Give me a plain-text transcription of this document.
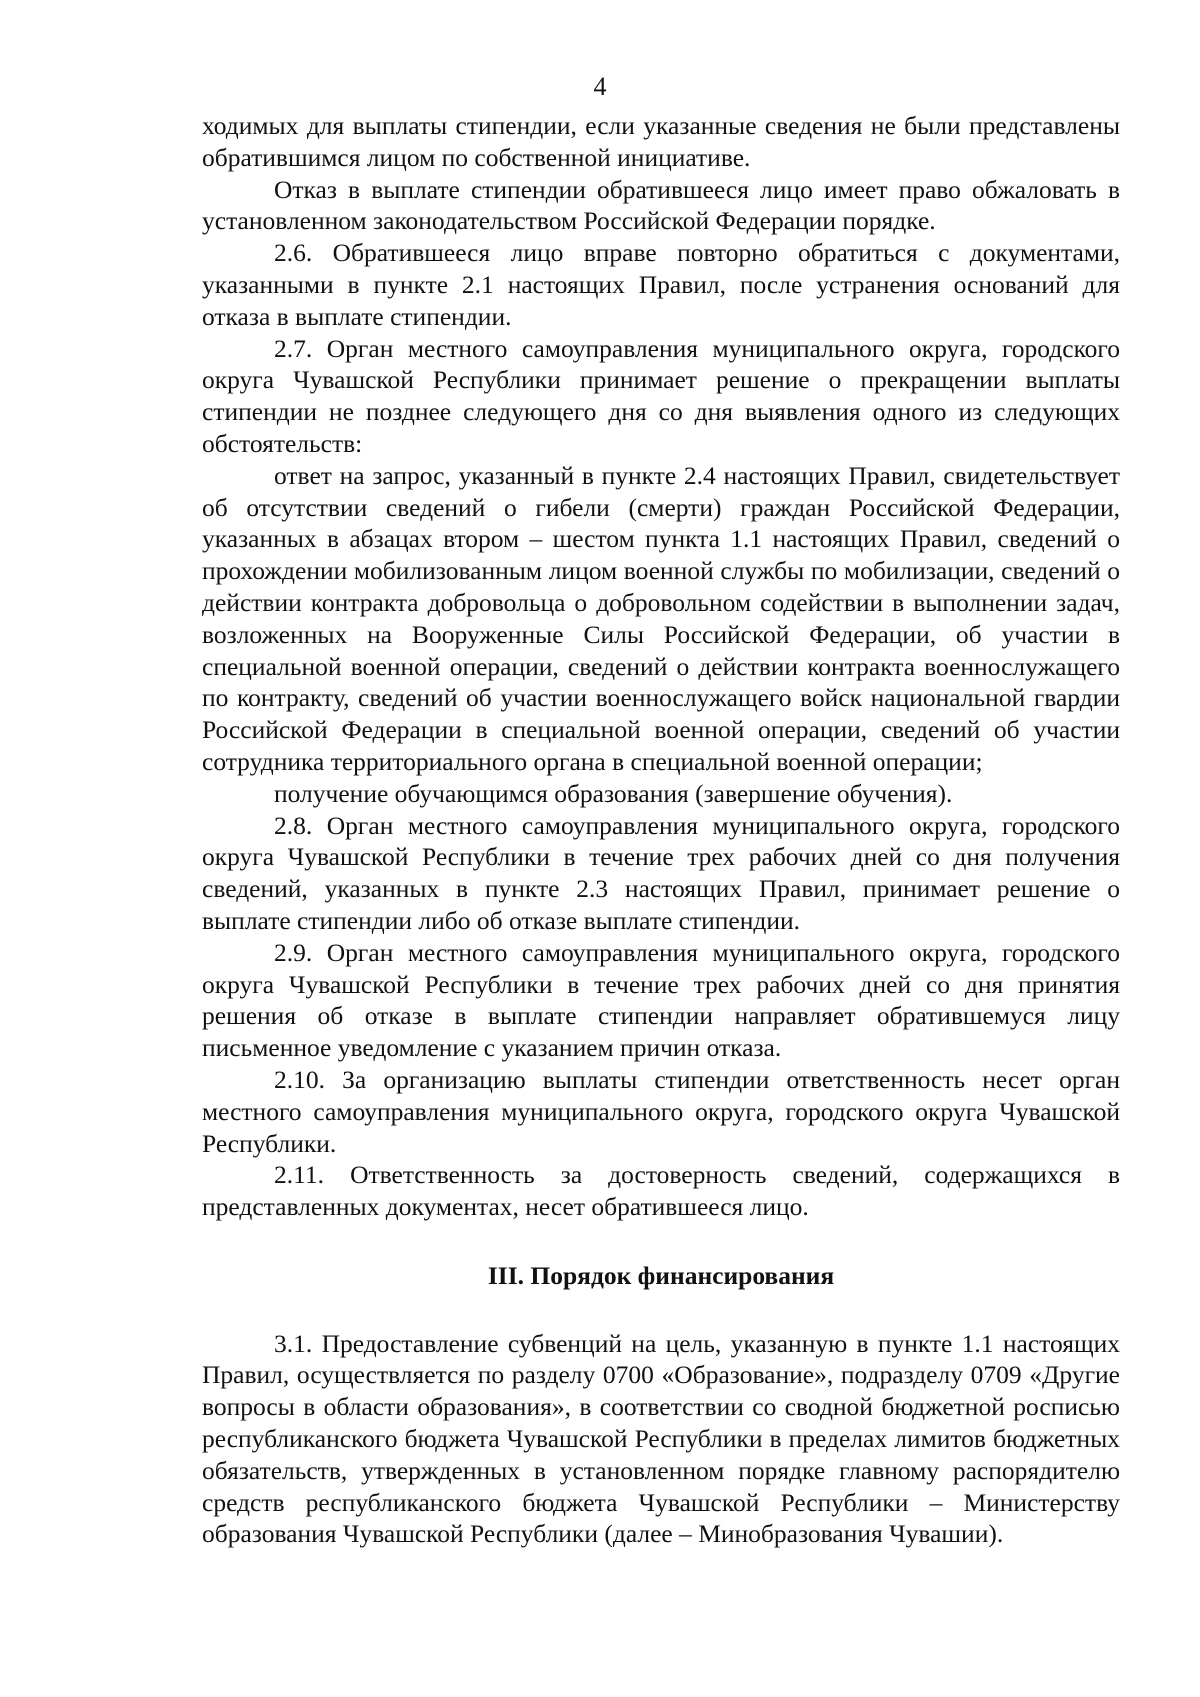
4

ходимых для выплаты стипендии, если указанные сведения не были представлены обратившимся лицом по собственной инициативе.

Отказ в выплате стипендии обратившееся лицо имеет право обжаловать в установленном законодательством Российской Федерации порядке.

2.6. Обратившееся лицо вправе повторно обратиться с документами, указанными в пункте 2.1 настоящих Правил, после устранения оснований для отказа в выплате стипендии.

2.7. Орган местного самоуправления муниципального округа, городского округа Чувашской Республики принимает решение о прекращении выплаты стипендии не позднее следующего дня со дня выявления одного из следующих обстоятельств:

ответ на запрос, указанный в пункте 2.4 настоящих Правил, свидетельствует об отсутствии сведений о гибели (смерти) граждан Российской Федерации, указанных в абзацах втором – шестом пункта 1.1 настоящих Правил, сведений о прохождении мобилизованным лицом военной службы по мобилизации, сведений о действии контракта добровольца о добровольном содействии в выполнении задач, возложенных на Вооруженные Силы Российской Федерации, об участии в специальной военной операции, сведений о действии контракта военнослужащего по контракту, сведений об участии военнослужащего войск национальной гвардии Российской Федерации в специальной военной операции, сведений об участии сотрудника территориального органа в специальной военной операции;

получение обучающимся образования (завершение обучения).

2.8. Орган местного самоуправления муниципального округа, городского округа Чувашской Республики в течение трех рабочих дней со дня получения сведений, указанных в пункте 2.3 настоящих Правил, принимает решение о выплате стипендии либо об отказе выплате стипендии.

2.9. Орган местного самоуправления муниципального округа, городского округа Чувашской Республики в течение трех рабочих дней со дня принятия решения об отказе в выплате стипендии направляет обратившемуся лицу письменное уведомление с указанием причин отказа.

2.10. За организацию выплаты стипендии ответственность несет орган местного самоуправления муниципального округа, городского округа Чувашской Республики.

2.11. Ответственность за достоверность сведений, содержащихся в представленных документах, несет обратившееся лицо.

III. Порядок финансирования

3.1. Предоставление субвенций на цель, указанную в пункте 1.1 настоящих Правил, осуществляется по разделу 0700 «Образование», подразделу 0709 «Другие вопросы в области образования», в соответствии со сводной бюджетной росписью республиканского бюджета Чувашской Республики в пределах лимитов бюджетных обязательств, утвержденных в установленном порядке главному распорядителю средств республиканского бюджета Чувашской Республики – Министерству образования Чувашской Республики (далее – Минобразования Чувашии).
